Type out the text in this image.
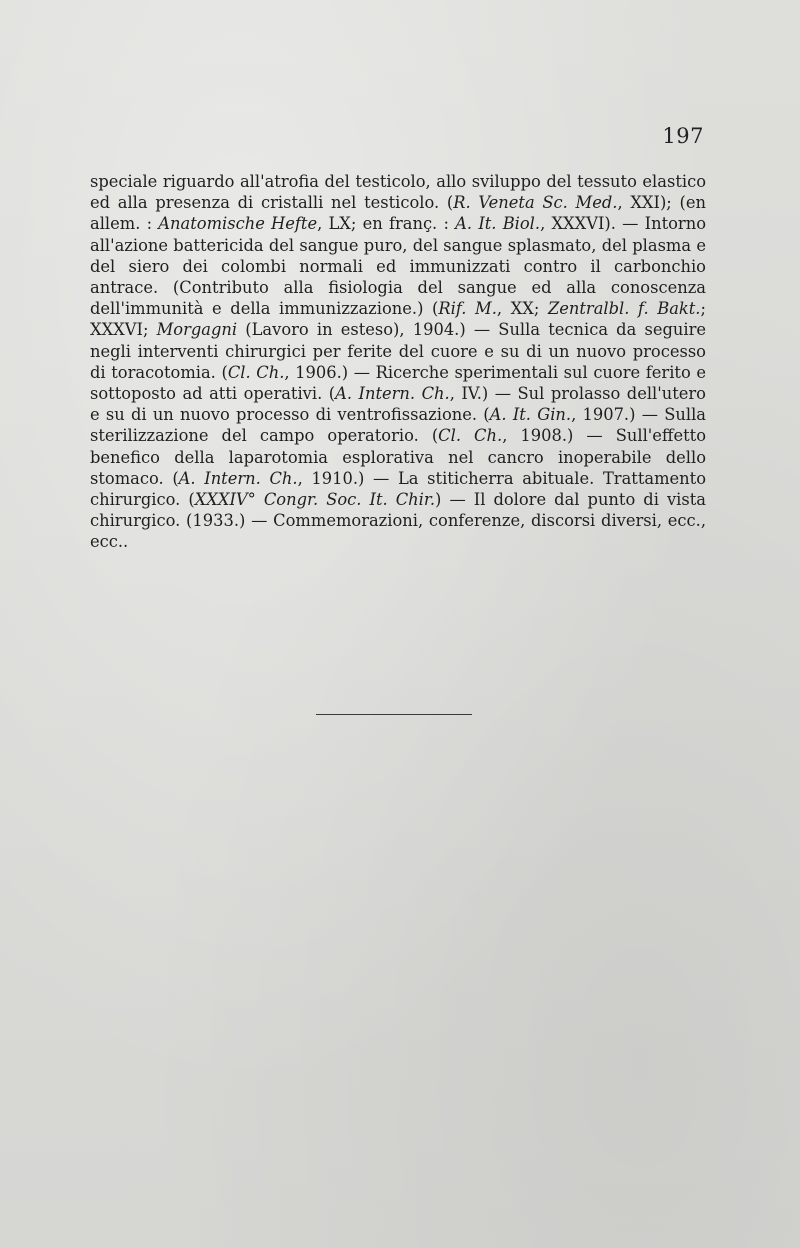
197

speciale riguardo all'atrofia del testicolo, allo sviluppo del tessuto elastico ed alla presenza di cristalli nel testicolo. (R. Veneta Sc. Med., XXI); (en allem. : Anatomische Hefte, LX; en franç. : A. It. Biol., XXXVI). — Intorno all'azione battericida del sangue puro, del sangue splasmato, del plasma e del siero dei colombi normali ed immunizzati contro il carbonchio antrace. (Contributo alla fisiologia del sangue ed alla conoscenza dell'immunità e della immunizzazione.) (Rif. M., XX; Zentralbl. f. Bakt.; XXXVI; Morgagni (Lavoro in esteso), 1904.) — Sulla tecnica da seguire negli interventi chirurgici per ferite del cuore e su di un nuovo processo di toracotomia. (Cl. Ch., 1906.) — Ricerche sperimentali sul cuore ferito e sottoposto ad atti operativi. (A. Intern. Ch., IV.) — Sul prolasso dell'utero e su di un nuovo processo di ventrofissazione. (A. It. Gin., 1907.) — Sulla sterilizzazione del campo operatorio. (Cl. Ch., 1908.) — Sull'effetto benefico della laparotomia esplorativa nel cancro inoperabile dello stomaco. (A. Intern. Ch., 1910.) — La stiticherra abituale. Trattamento chirurgico. (XXXIV° Congr. Soc. It. Chir.) — Il dolore dal punto di vista chirurgico. (1933.) — Commemorazioni, conferenze, discorsi diversi, ecc., ecc..
